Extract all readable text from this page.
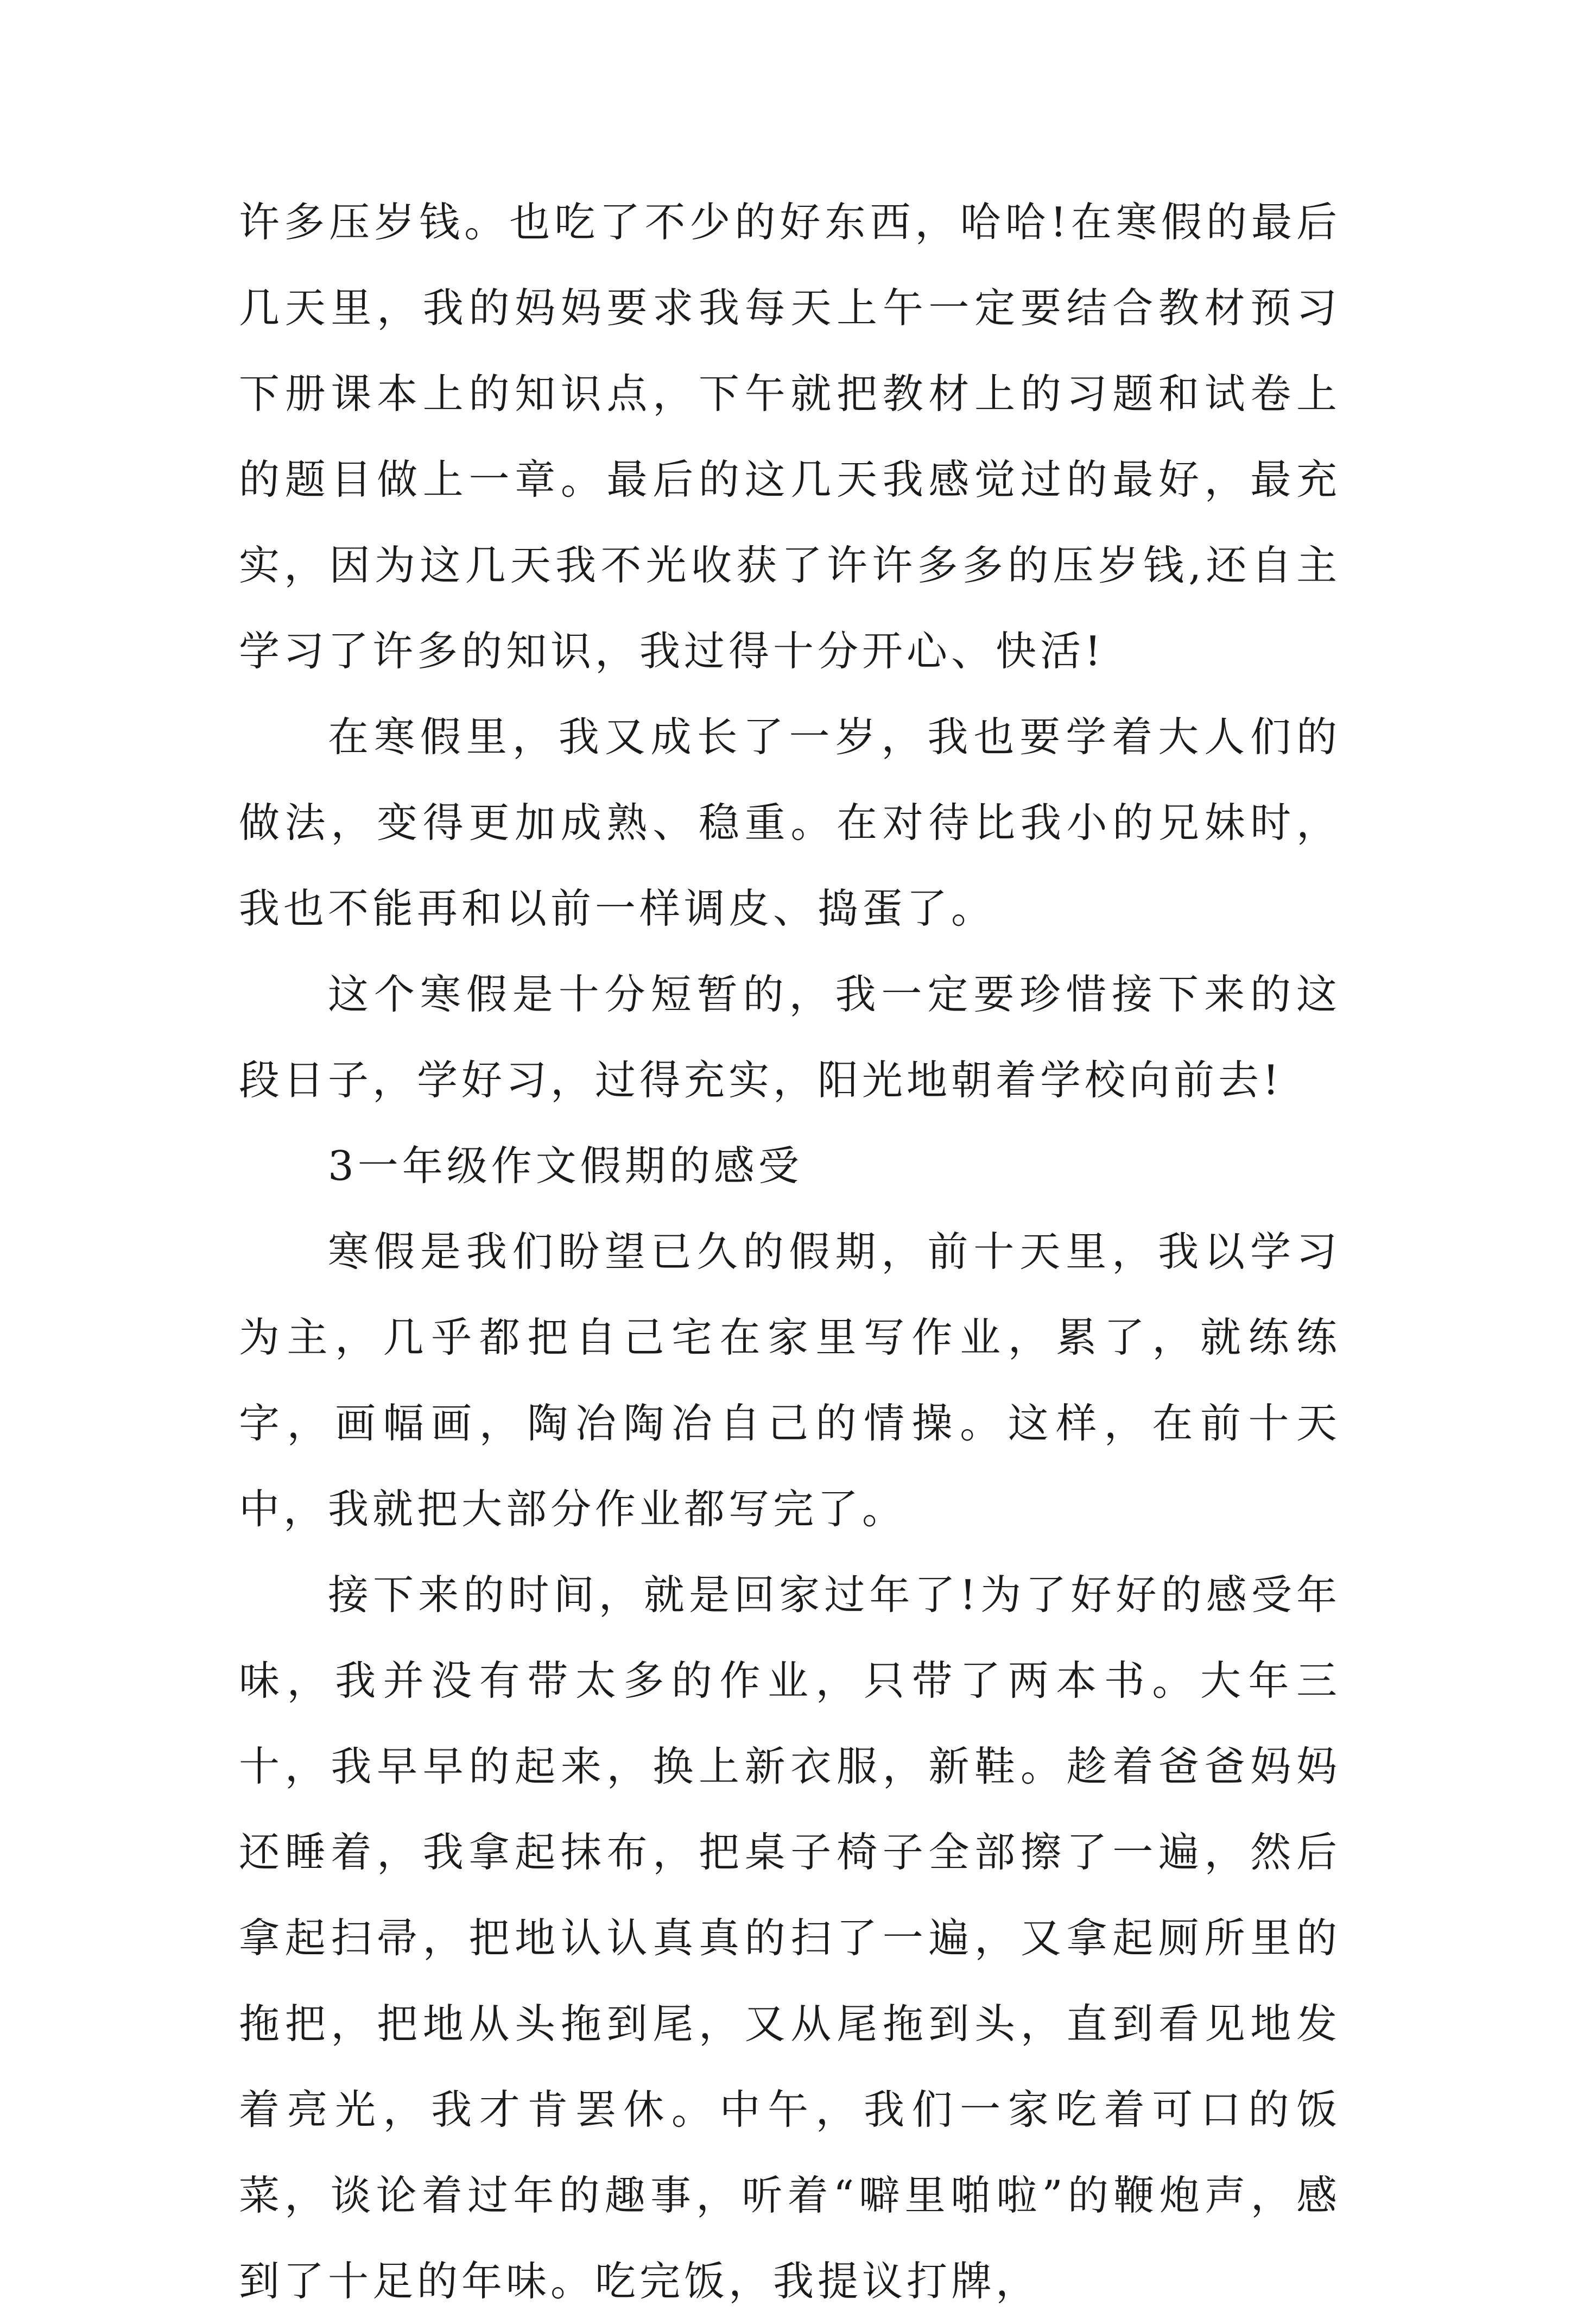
许多压岁钱。也吃了不少的好东西，哈哈!在寒假的最后几天里，我的妈妈要求我每天上午一定要结合教材预习下册课本上的知识点，下午就把教材上的习题和试卷上的题目做上一章。最后的这几天我感觉过的最好，最充实，因为这几天我不光收获了许许多多的压岁钱,还自主学习了许多的知识，我过得十分开心、快活!

在寒假里，我又成长了一岁，我也要学着大人们的做法，变得更加成熟、稳重。在对待比我小的兄妹时，我也不能再和以前一样调皮、捣蛋了。

这个寒假是十分短暂的，我一定要珍惜接下来的这段日子，学好习，过得充实，阳光地朝着学校向前去!

3一年级作文假期的感受

寒假是我们盼望已久的假期，前十天里，我以学习为主，几乎都把自己宅在家里写作业，累了，就练练字，画幅画，陶冶陶冶自己的情操。这样，在前十天中，我就把大部分作业都写完了。

接下来的时间，就是回家过年了!为了好好的感受年味，我并没有带太多的作业，只带了两本书。大年三十，我早早的起来，换上新衣服，新鞋。趁着爸爸妈妈还睡着，我拿起抹布，把桌子椅子全部擦了一遍，然后拿起扫帚，把地认认真真的扫了一遍，又拿起厕所里的拖把，把地从头拖到尾，又从尾拖到头，直到看见地发着亮光，我才肯罢休。中午，我们一家吃着可口的饭菜，谈论着过年的趣事，听着“噼里啪啦”的鞭炮声，感到了十足的年味。吃完饭，我提议打牌，
